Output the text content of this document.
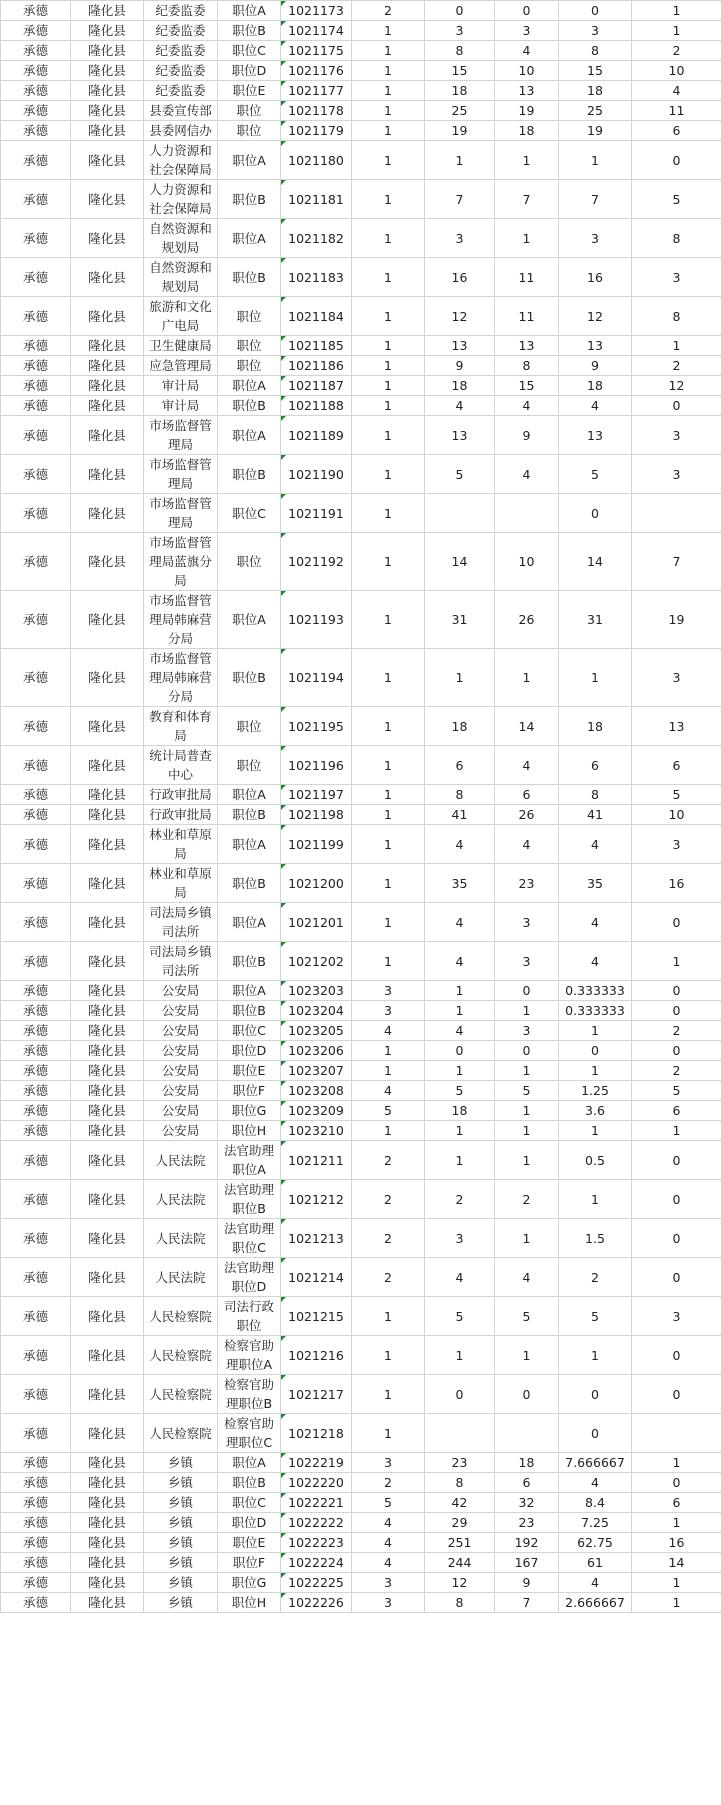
承德	隆化县	纪委监委	职位A	1021173	2	0	0	0	1
承德	隆化县	纪委监委	职位B	1021174	1	3	3	3	1
承德	隆化县	纪委监委	职位C	1021175	1	8	4	8	2
承德	隆化县	纪委监委	职位D	1021176	1	15	10	15	10
承德	隆化县	纪委监委	职位E	1021177	1	18	13	18	4
承德	隆化县	县委宣传部	职位	1021178	1	25	19	25	11
承德	隆化县	县委网信办	职位	1021179	1	19	18	19	6
承德	隆化县	人力资源和社会保障局	职位A	1021180	1	1	1	1	0
承德	隆化县	人力资源和社会保障局	职位B	1021181	1	7	7	7	5
承德	隆化县	自然资源和规划局	职位A	1021182	1	3	1	3	8
承德	隆化县	自然资源和规划局	职位B	1021183	1	16	11	16	3
承德	隆化县	旅游和文化广电局	职位	1021184	1	12	11	12	8
承德	隆化县	卫生健康局	职位	1021185	1	13	13	13	1
承德	隆化县	应急管理局	职位	1021186	1	9	8	9	2
承德	隆化县	审计局	职位A	1021187	1	18	15	18	12
承德	隆化县	审计局	职位B	1021188	1	4	4	4	0
承德	隆化县	市场监督管理局	职位A	1021189	1	13	9	13	3
承德	隆化县	市场监督管理局	职位B	1021190	1	5	4	5	3
承德	隆化县	市场监督管理局	职位C	1021191	1			0	
承德	隆化县	市场监督管理局蓝旗分局	职位	1021192	1	14	10	14	7
承德	隆化县	市场监督管理局韩麻营分局	职位A	1021193	1	31	26	31	19
承德	隆化县	市场监督管理局韩麻营分局	职位B	1021194	1	1	1	1	3
承德	隆化县	教育和体育局	职位	1021195	1	18	14	18	13
承德	隆化县	统计局普查中心	职位	1021196	1	6	4	6	6
承德	隆化县	行政审批局	职位A	1021197	1	8	6	8	5
承德	隆化县	行政审批局	职位B	1021198	1	41	26	41	10
承德	隆化县	林业和草原局	职位A	1021199	1	4	4	4	3
承德	隆化县	林业和草原局	职位B	1021200	1	35	23	35	16
承德	隆化县	司法局乡镇司法所	职位A	1021201	1	4	3	4	0
承德	隆化县	司法局乡镇司法所	职位B	1021202	1	4	3	4	1
承德	隆化县	公安局	职位A	1023203	3	1	0	0.333333	0
承德	隆化县	公安局	职位B	1023204	3	1	1	0.333333	0
承德	隆化县	公安局	职位C	1023205	4	4	3	1	2
承德	隆化县	公安局	职位D	1023206	1	0	0	0	0
承德	隆化县	公安局	职位E	1023207	1	1	1	1	2
承德	隆化县	公安局	职位F	1023208	4	5	5	1.25	5
承德	隆化县	公安局	职位G	1023209	5	18	1	3.6	6
承德	隆化县	公安局	职位H	1023210	1	1	1	1	1
承德	隆化县	人民法院	法官助理职位A	1021211	2	1	1	0.5	0
承德	隆化县	人民法院	法官助理职位B	1021212	2	2	2	1	0
承德	隆化县	人民法院	法官助理职位C	1021213	2	3	1	1.5	0
承德	隆化县	人民法院	法官助理职位D	1021214	2	4	4	2	0
承德	隆化县	人民检察院	司法行政职位	1021215	1	5	5	5	3
承德	隆化县	人民检察院	检察官助理职位A	1021216	1	1	1	1	0
承德	隆化县	人民检察院	检察官助理职位B	1021217	1	0	0	0	0
承德	隆化县	人民检察院	检察官助理职位C	1021218	1			0	
承德	隆化县	乡镇	职位A	1022219	3	23	18	7.666667	1
承德	隆化县	乡镇	职位B	1022220	2	8	6	4	0
承德	隆化县	乡镇	职位C	1022221	5	42	32	8.4	6
承德	隆化县	乡镇	职位D	1022222	4	29	23	7.25	1
承德	隆化县	乡镇	职位E	1022223	4	251	192	62.75	16
承德	隆化县	乡镇	职位F	1022224	4	244	167	61	14
承德	隆化县	乡镇	职位G	1022225	3	12	9	4	1
承德	隆化县	乡镇	职位H	1022226	3	8	7	2.666667	1
